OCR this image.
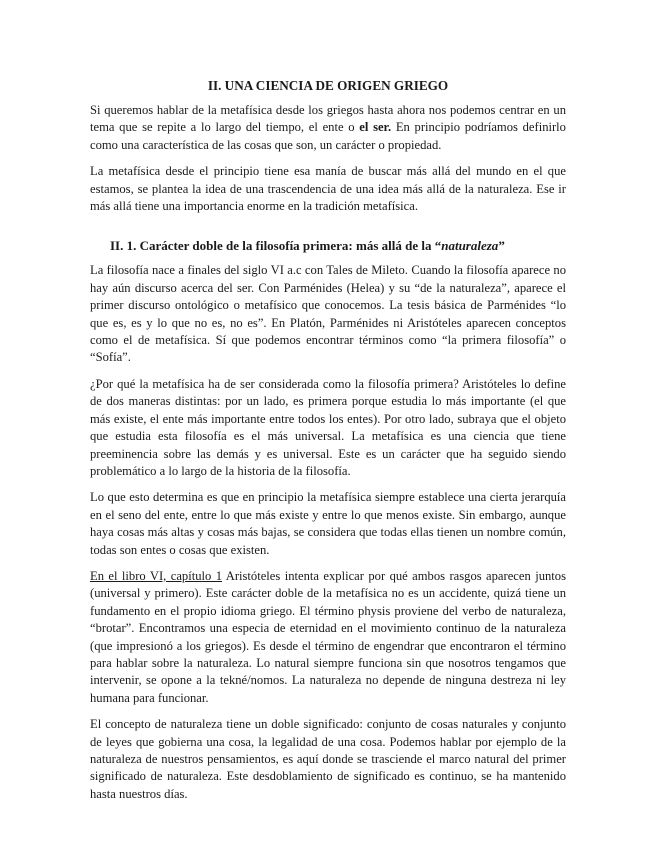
II. UNA CIENCIA DE ORIGEN GRIEGO

Si queremos hablar de la metafísica desde los griegos hasta ahora nos podemos centrar en un tema que se repite a lo largo del tiempo, el ente o el ser. En principio podríamos definirlo como una característica de las cosas que son, un carácter o propiedad.

La metafísica desde el principio tiene esa manía de buscar más allá del mundo en el que estamos, se plantea la idea de una trascendencia de una idea más allá de la naturaleza. Ese ir más allá tiene una importancia enorme en la tradición metafísica.

II. 1. Carácter doble de la filosofía primera: más allá de la “naturaleza”

La filosofía nace a finales del siglo VI a.c con Tales de Mileto. Cuando la filosofía aparece no hay aún discurso acerca del ser. Con Parménides (Helea) y su “de la naturaleza”, aparece el primer discurso ontológico o metafísico que conocemos. La tesis básica de Parménides “lo que es, es y lo que no es, no es”. En Platón, Parménides ni Aristóteles aparecen conceptos como el de metafísica. Sí que podemos encontrar términos como “la primera filosofía” o “Sofía”.

¿Por qué la metafísica ha de ser considerada como la filosofía primera? Aristóteles lo define de dos maneras distintas: por un lado, es primera porque estudia lo más importante (el que más existe, el ente más importante entre todos los entes). Por otro lado, subraya que el objeto que estudia esta filosofía es el más universal. La metafísica es una ciencia que tiene preeminencia sobre las demás y es universal. Este es un carácter que ha seguido siendo problemático a lo largo de la historia de la filosofía.

Lo que esto determina es que en principio la metafísica siempre establece una cierta jerarquía en el seno del ente, entre lo que más existe y entre lo que menos existe. Sin embargo, aunque haya cosas más altas y cosas más bajas, se considera que todas ellas tienen un nombre común, todas son entes o cosas que existen.

En el libro VI, capítulo 1 Aristóteles intenta explicar por qué ambos rasgos aparecen juntos (universal y primero). Este carácter doble de la metafísica no es un accidente, quizá tiene un fundamento en el propio idioma griego. El término physis proviene del verbo de naturaleza, “brotar”. Encontramos una especia de eternidad en el movimiento continuo de la naturaleza (que impresionó a los griegos). Es desde el término de engendrar que encontraron el término para hablar sobre la naturaleza. Lo natural siempre funciona sin que nosotros tengamos que intervenir, se opone a la tekné/nomos. La naturaleza no depende de ninguna destreza ni ley humana para funcionar.

El concepto de naturaleza tiene un doble significado: conjunto de cosas naturales y conjunto de leyes que gobierna una cosa, la legalidad de una cosa. Podemos hablar por ejemplo de la naturaleza de nuestros pensamientos, es aquí donde se trasciende el marco natural del primer significado de naturaleza. Este desdoblamiento de significado es continuo, se ha mantenido hasta nuestros días.
